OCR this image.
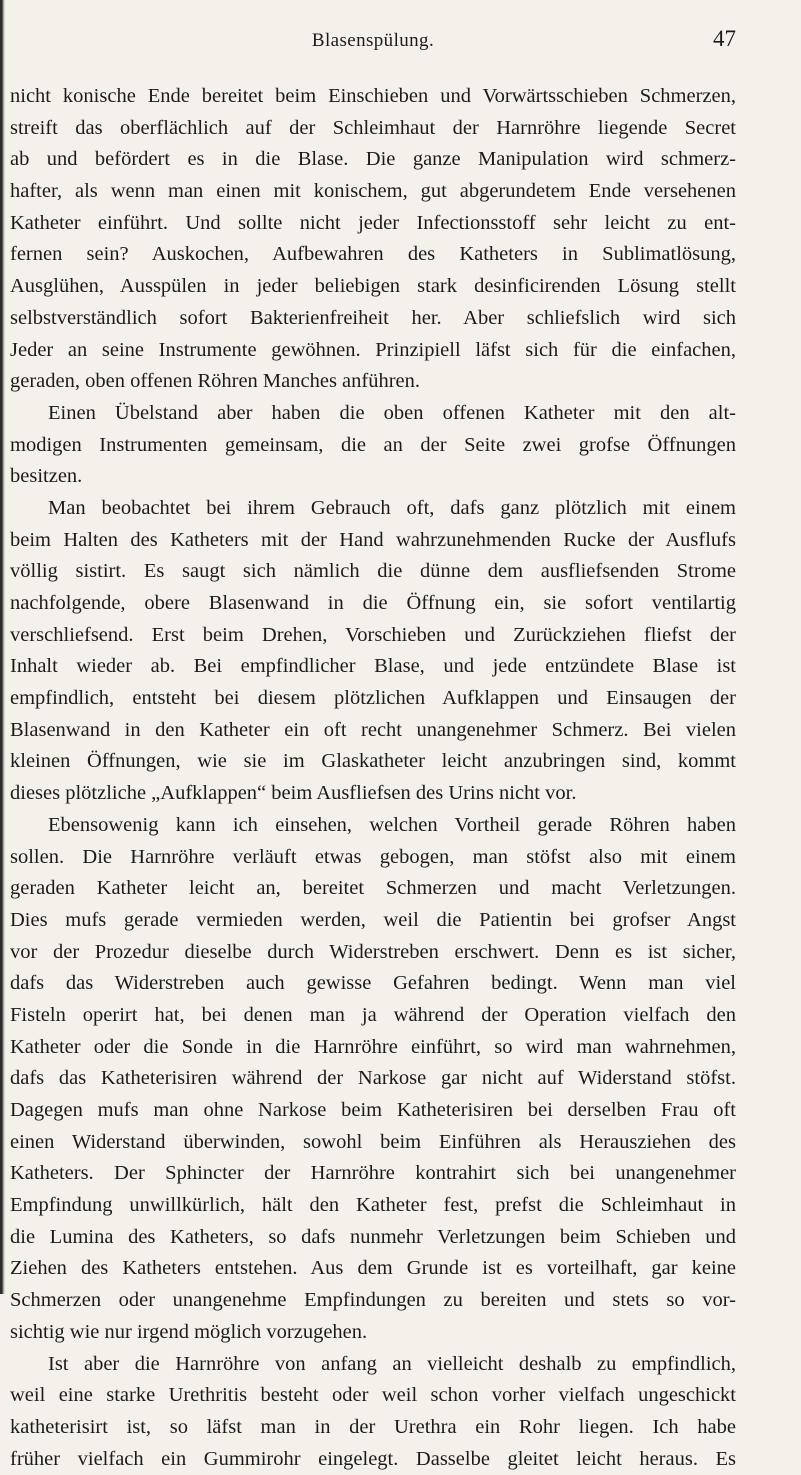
Blasenspülung.	47
nicht konische Ende bereitet beim Einschieben und Vorwärtsschieben Schmerzen,
streift das oberflächlich auf der Schleimhaut der Harnröhre liegende Secret
ab und befördert es in die Blase. Die ganze Manipulation wird schmerz-
hafter, als wenn man einen mit konischem, gut abgerundetem Ende versehenen
Katheter einführt. Und sollte nicht jeder Infectionsstoff sehr leicht zu ent-
fernen sein? Auskochen, Aufbewahren des Katheters in Sublimatlösung,
Ausglühen, Ausspülen in jeder beliebigen stark desinficirenden Lösung stellt
selbstverständlich sofort Bakterienfreiheit her. Aber schliefslich wird sich
Jeder an seine Instrumente gewöhnen. Prinzipiell läfst sich für die einfachen,
geraden, oben offenen Röhren Manches anführen.
Einen Übelstand aber haben die oben offenen Katheter mit den alt-
modigen Instrumenten gemeinsam, die an der Seite zwei grofse Öffnungen
besitzen.
Man beobachtet bei ihrem Gebrauch oft, dafs ganz plötzlich mit einem
beim Halten des Katheters mit der Hand wahrzunehmenden Rucke der Ausflufs
völlig sistirt. Es saugt sich nämlich die dünne dem ausfliefsenden Strome
nachfolgende, obere Blasenwand in die Öffnung ein, sie sofort ventilartig
verschliefsend. Erst beim Drehen, Vorschieben und Zurückziehen fliefst der
Inhalt wieder ab. Bei empfindlicher Blase, und jede entzündete Blase ist
empfindlich, entsteht bei diesem plötzlichen Aufklappen und Einsaugen der
Blasenwand in den Katheter ein oft recht unangenehmer Schmerz. Bei vielen
kleinen Öffnungen, wie sie im Glaskatheter leicht anzubringen sind, kommt
dieses plötzliche „Aufklappen“ beim Ausfliefsen des Urins nicht vor.
Ebensowenig kann ich einsehen, welchen Vortheil gerade Röhren haben
sollen. Die Harnröhre verläuft etwas gebogen, man stöfst also mit einem
geraden Katheter leicht an, bereitet Schmerzen und macht Verletzungen.
Dies mufs gerade vermieden werden, weil die Patientin bei grofser Angst
vor der Prozedur dieselbe durch Widerstreben erschwert. Denn es ist sicher,
dafs das Widerstreben auch gewisse Gefahren bedingt. Wenn man viel
Fisteln operirt hat, bei denen man ja während der Operation vielfach den
Katheter oder die Sonde in die Harnröhre einführt, so wird man wahrnehmen,
dafs das Katheterisiren während der Narkose gar nicht auf Widerstand stöfst.
Dagegen mufs man ohne Narkose beim Katheterisiren bei derselben Frau oft
einen Widerstand überwinden, sowohl beim Einführen als Herausziehen des
Katheters. Der Sphincter der Harnröhre kontrahirt sich bei unangenehmer
Empfindung unwillkürlich, hält den Katheter fest, prefst die Schleimhaut in
die Lumina des Katheters, so dafs nunmehr Verletzungen beim Schieben und
Ziehen des Katheters entstehen. Aus dem Grunde ist es vorteilhaft, gar keine
Schmerzen oder unangenehme Empfindungen zu bereiten und stets so vor-
sichtig wie nur irgend möglich vorzugehen.
Ist aber die Harnröhre von anfang an vielleicht deshalb zu empfindlich,
weil eine starke Urethritis besteht oder weil schon vorher vielfach ungeschickt
katheterisirt ist, so läfst man in der Urethra ein Rohr liegen. Ich habe
früher vielfach ein Gummirohr eingelegt. Dasselbe gleitet leicht heraus. Es
